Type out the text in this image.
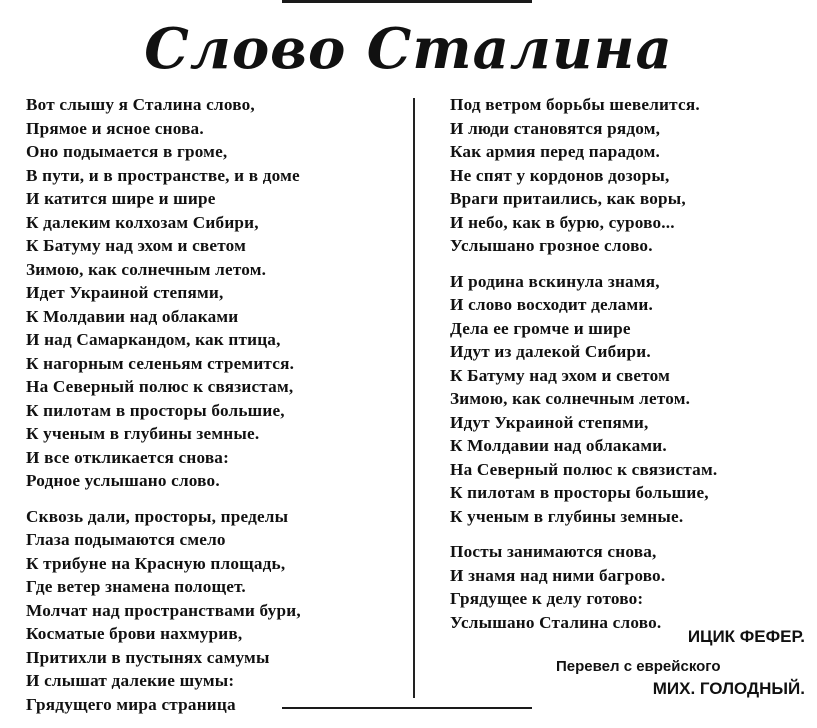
Слово Сталина
Вот слышу я Сталина слово,
Прямое и ясное снова.
Оно подымается в громе,
В пути, и в пространстве, и в доме
И катится шире и шире
К далеким колхозам Сибири,
К Батуму над эхом и светом
Зимою, как солнечным летом.
Идет Украиной степями,
К Молдавии над облаками
И над Самаркандом, как птица,
К нагорным селеньям стремится.
На Северный полюс к связистам,
К пилотам в просторы большие,
К ученым в глубины земные.
И все откликается снова:
Родное услышано слово.
Сквозь дали, просторы, пределы
Глаза подымаются смело
К трибуне на Красную площадь,
Где ветер знамена полощет.
Молчат над пространствами бури,
Косматые брови нахмурив,
Притихли в пустынях самумы
И слышат далекие шумы:
Грядущего мира страница
Под ветром борьбы шевелится.
И люди становятся рядом,
Как армия перед парадом.
Не спят у кордонов дозоры,
Враги притаились, как воры,
И небо, как в бурю, сурово...
Услышано грозное слово.
И родина вскинула знамя,
И слово восходит делами.
Дела ее громче и шире
Идут из далекой Сибири.
К Батуму над эхом и светом
Зимою, как солнечным летом.
Идут Украиной степями,
К Молдавии над облаками.
На Северный полюс к связистам.
К пилотам в просторы большие,
К ученым в глубины земные.
Посты занимаются снова,
И знамя над ними багрово.
Грядущее к делу готово:
Услышано Сталина слово.
ИЦИК ФЕФЕР.
Перевел с еврейского
МИХ. ГОЛОДНЫЙ.
